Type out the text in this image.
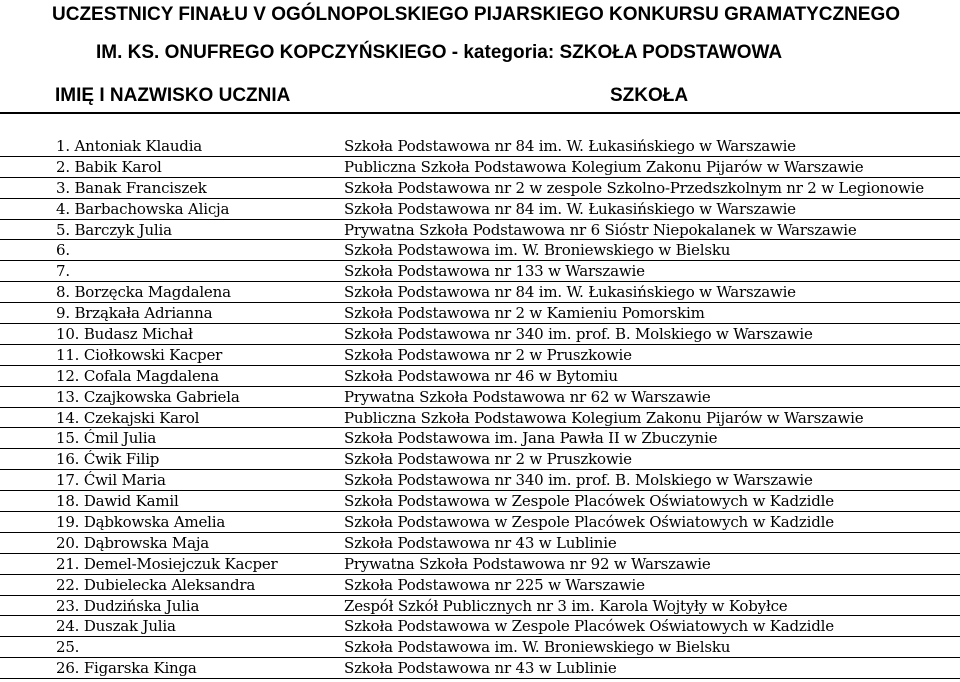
UCZESTNICY FINAŁU V OGÓLNOPOLSKIEGO PIJARSKIEGO KONKURSU GRAMATYCZNEGO
IM. KS. ONUFREGO KOPCZYŃSKIEGO - kategoria: SZKOŁA PODSTAWOWA
IMIĘ I NAZWISKO UCZNIA	SZKOŁA
1. Antoniak Klaudia	Szkoła Podstawowa nr 84 im. W. Łukasińskiego w Warszawie
2. Babik Karol	Publiczna Szkoła Podstawowa Kolegium Zakonu Pijarów w Warszawie
3. Banak Franciszek	Szkoła Podstawowa nr 2 w zespole Szkolno-Przedszkolnym nr 2 w Legionowie
4. Barbachowska Alicja	Szkoła Podstawowa nr 84 im. W. Łukasińskiego w Warszawie
5. Barczyk Julia	Prywatna Szkoła Podstawowa nr 6 Sióstr Niepokalanek w Warszawie
6.	Szkoła Podstawowa im. W. Broniewskiego w Bielsku
7.	Szkoła Podstawowa nr 133 w Warszawie
8. Borzęcka Magdalena	Szkoła Podstawowa nr 84 im. W. Łukasińskiego w Warszawie
9. Brząkała Adrianna	Szkoła Podstawowa nr 2 w Kamieniu Pomorskim
10. Budasz Michał	Szkoła Podstawowa nr 340 im. prof. B. Molskiego w Warszawie
11. Ciołkowski Kacper	Szkoła Podstawowa nr 2 w Pruszkowie
12. Cofala Magdalena	Szkoła Podstawowa nr 46 w Bytomiu
13. Czajkowska Gabriela	Prywatna Szkoła Podstawowa nr 62 w Warszawie
14. Czekajski Karol	Publiczna Szkoła Podstawowa Kolegium Zakonu Pijarów w Warszawie
15. Ćmil Julia	Szkoła Podstawowa im. Jana Pawła II w Zbuczynie
16. Ćwik Filip	Szkoła Podstawowa nr 2 w Pruszkowie
17. Ćwil Maria	Szkoła Podstawowa nr 340 im. prof. B. Molskiego w Warszawie
18. Dawid Kamil	Szkoła Podstawowa w Zespole Placówek Oświatowych w Kadzidle
19. Dąbkowska Amelia	Szkoła Podstawowa w Zespole Placówek Oświatowych w Kadzidle
20. Dąbrowska Maja	Szkoła Podstawowa nr 43 w Lublinie
21. Demel-Mosiejczuk Kacper	Prywatna Szkoła Podstawowa nr 92 w Warszawie
22. Dubielecka Aleksandra	Szkoła Podstawowa nr 225 w Warszawie
23. Dudzińska Julia	Zespół Szkół Publicznych nr 3 im. Karola Wojtyły w Kobyłce
24. Duszak Julia	Szkoła Podstawowa w Zespole Placówek Oświatowych w Kadzidle
25.	Szkoła Podstawowa im. W. Broniewskiego w Bielsku
26. Figarska Kinga	Szkoła Podstawowa nr 43 w Lublinie
